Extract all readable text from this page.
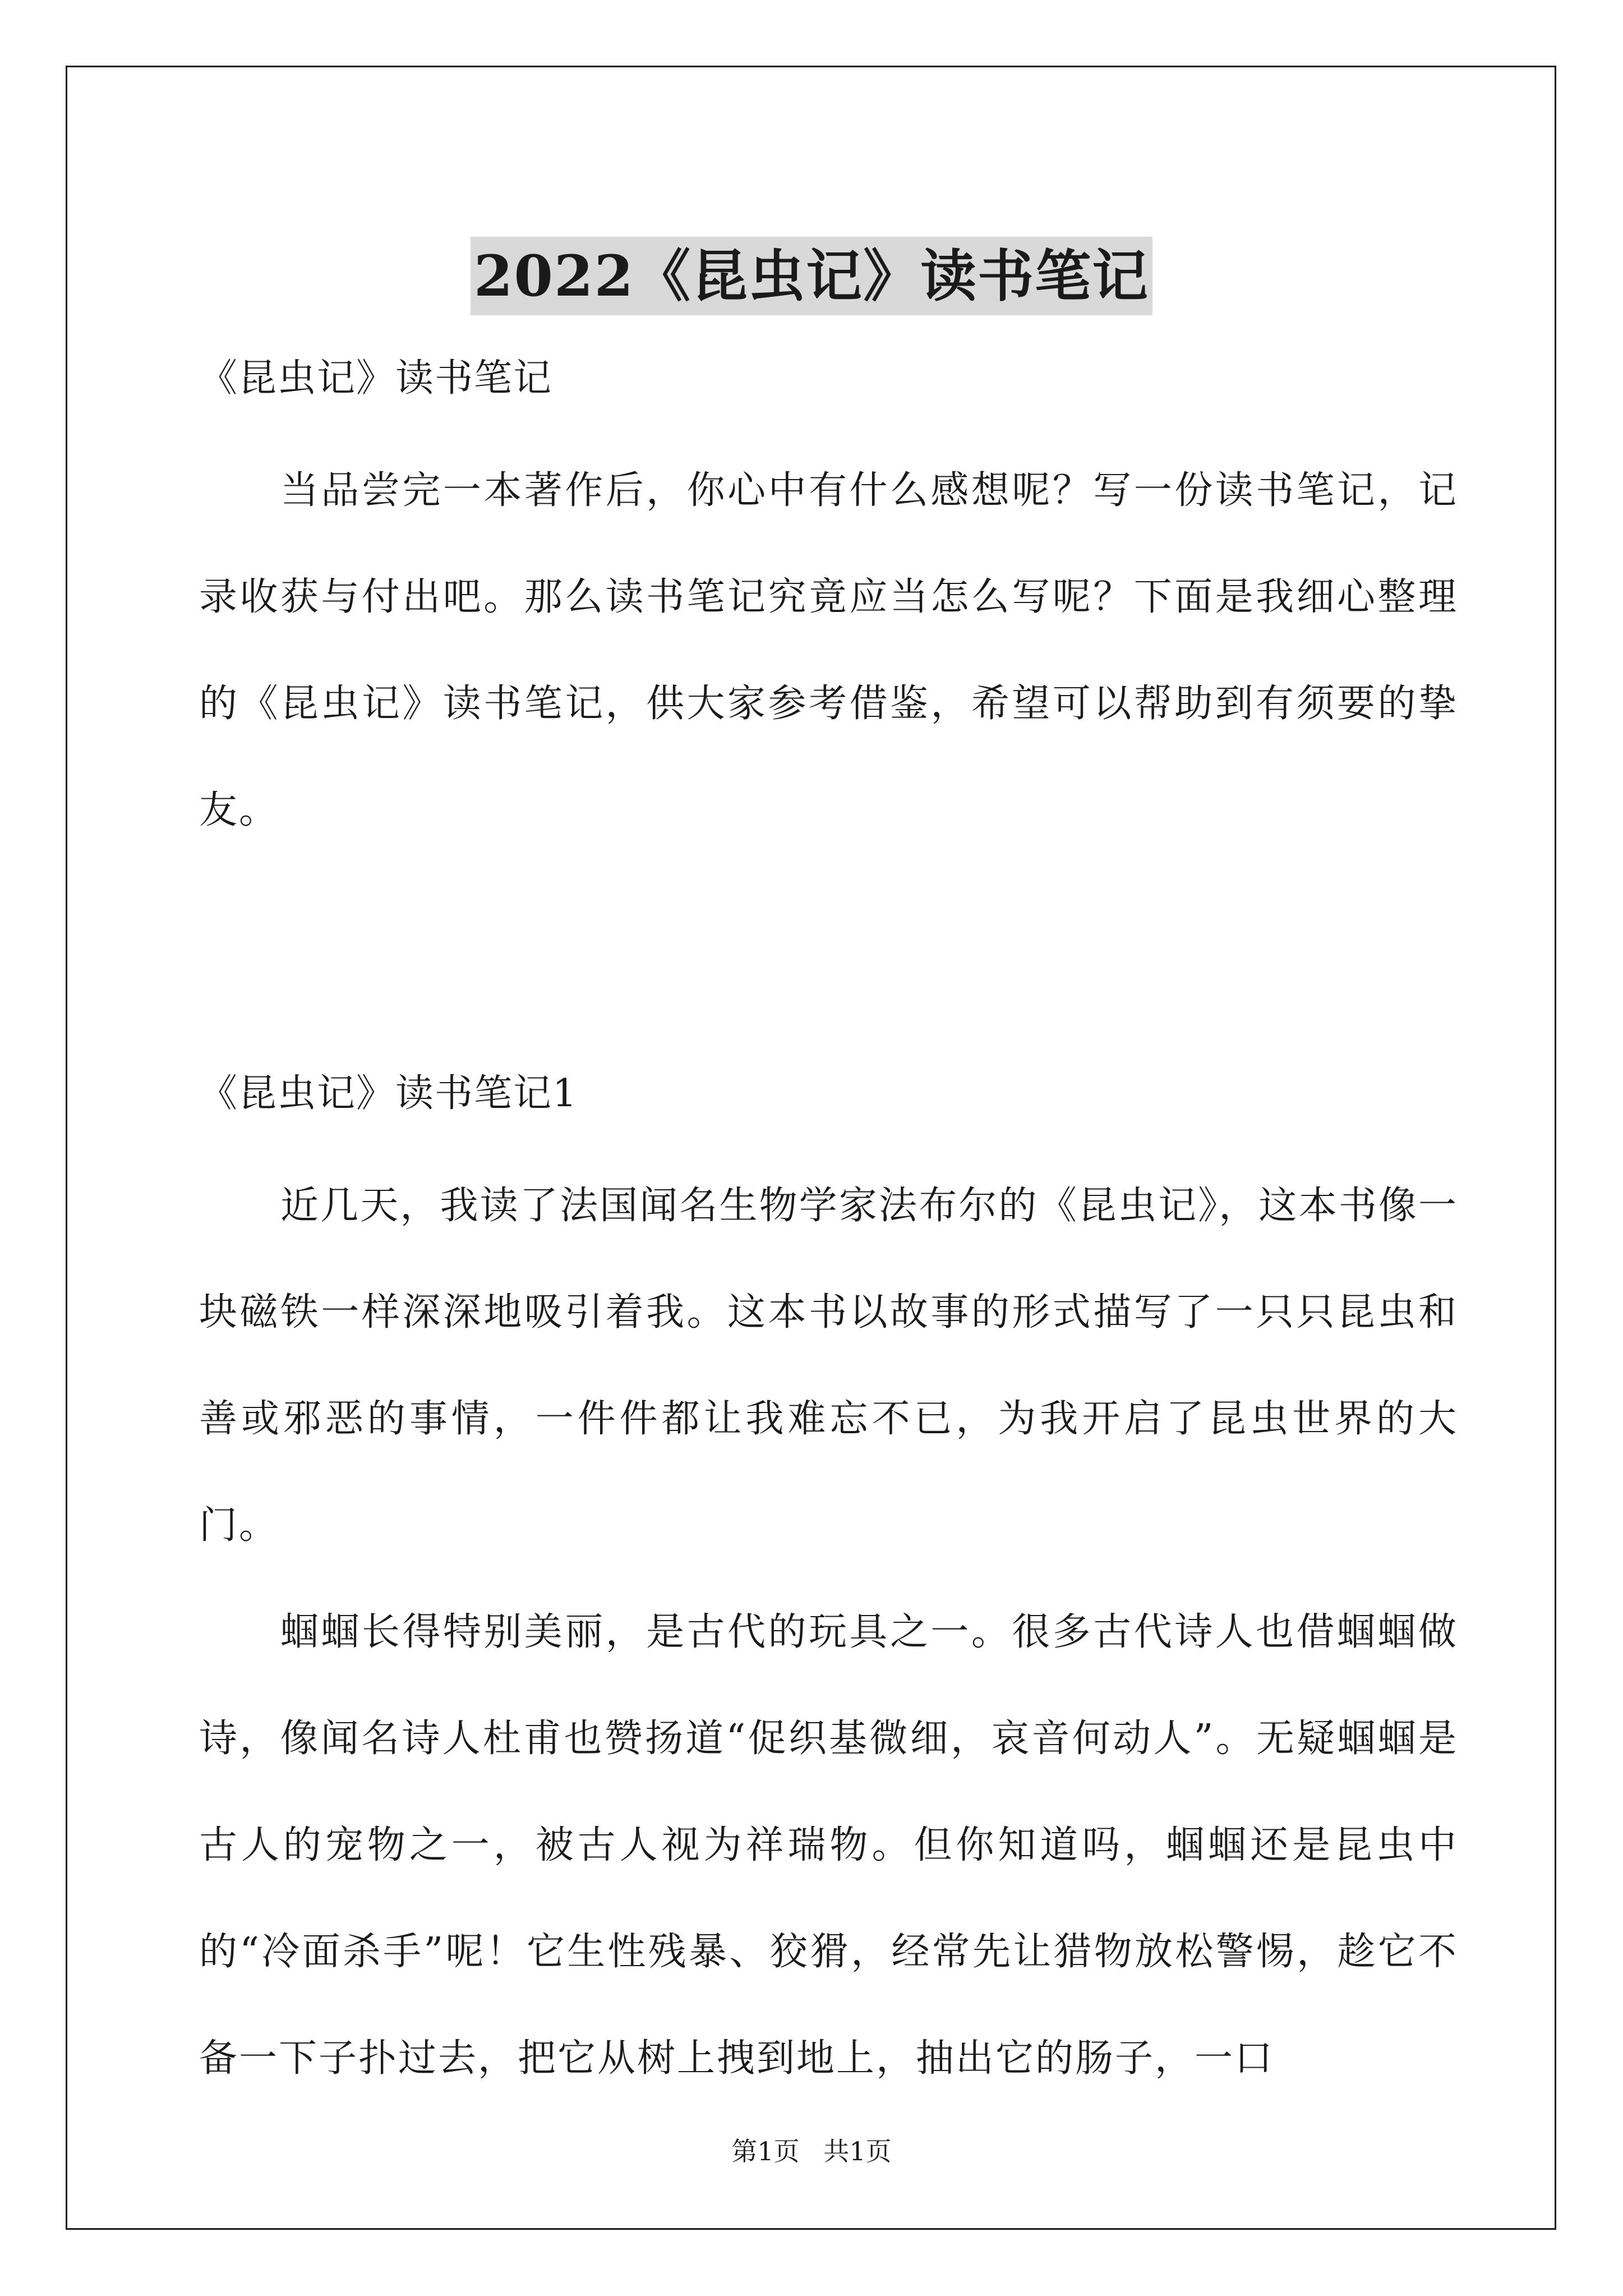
2022《昆虫记》读书笔记

《昆虫记》读书笔记

当品尝完一本著作后，你心中有什么感想呢？写一份读书笔记，记录收获与付出吧。那么读书笔记究竟应当怎么写呢？下面是我细心整理的《昆虫记》读书笔记，供大家参考借鉴，希望可以帮助到有须要的挚友。

《昆虫记》读书笔记1

近几天，我读了法国闻名生物学家法布尔的《昆虫记》，这本书像一块磁铁一样深深地吸引着我。这本书以故事的形式描写了一只只昆虫和善或邪恶的事情，一件件都让我难忘不已，为我开启了昆虫世界的大门。

蝈蝈长得特别美丽，是古代的玩具之一。很多古代诗人也借蝈蝈做诗，像闻名诗人杜甫也赞扬道“促织基微细，哀音何动人”。无疑蝈蝈是古人的宠物之一，被古人视为祥瑞物。但你知道吗，蝈蝈还是昆虫中的“冷面杀手”呢！它生性残暴、狡猾，经常先让猎物放松警惕，趁它不备一下子扑过去，把它从树上拽到地上，抽出它的肠子，一口

第1页 共1页
